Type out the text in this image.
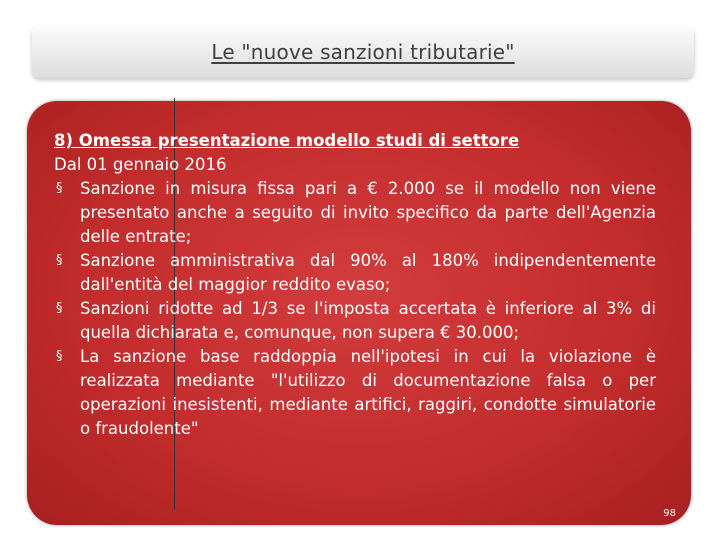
Le "nuove sanzioni tributarie"
8) Omessa presentazione modello studi di settore
Dal 01 gennaio 2016
§ Sanzione in misura fissa pari a € 2.000 se il modello non viene presentato anche a seguito di invito specifico da parte dell'Agenzia delle entrate;
§ Sanzione amministrativa dal 90% al 180% indipendentemente dall'entità del maggior reddito evaso;
§ Sanzioni ridotte ad 1/3 se l'imposta accertata è inferiore al 3% di quella dichiarata e, comunque, non supera € 30.000;
§ La sanzione base raddoppia nell'ipotesi in cui la violazione è realizzata mediante "l'utilizzo di documentazione falsa o per operazioni inesistenti, mediante artifici, raggiri, condotte simulatorie o fraudolente"
98
